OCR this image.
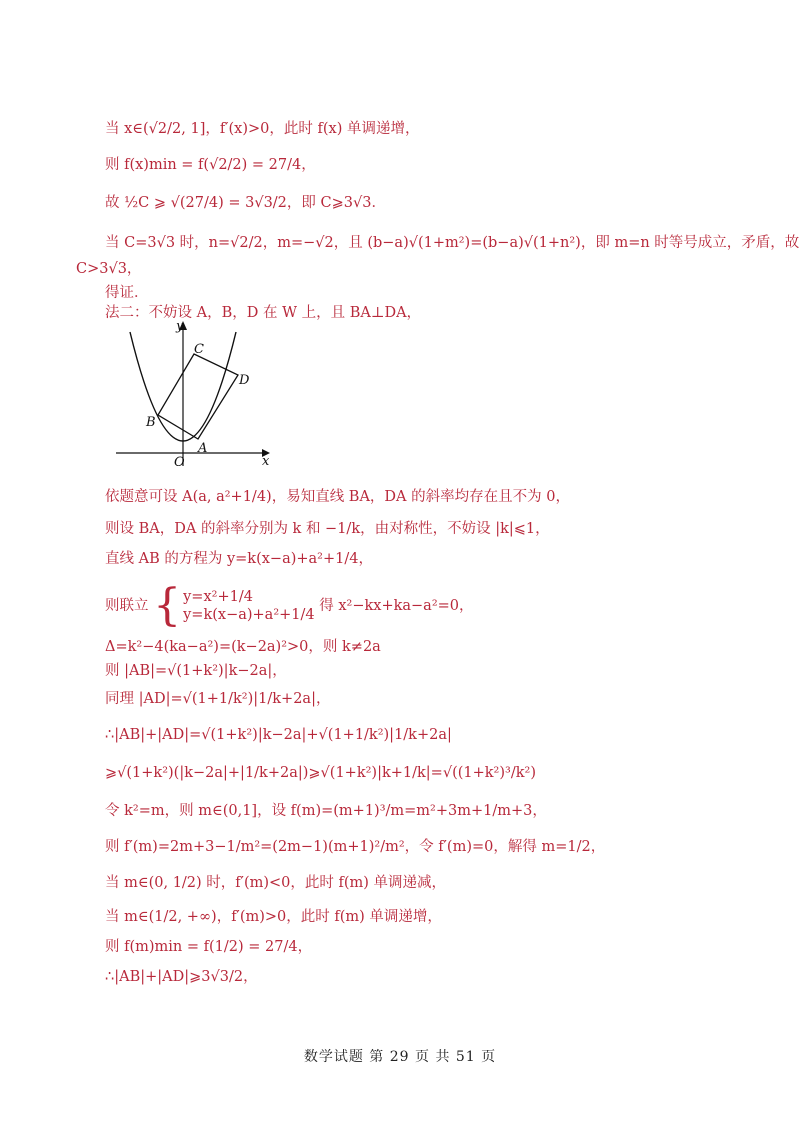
当 x∈(√2/2, 1]，f′(x)>0，此时 f(x) 单调递增，
则 f(x)min = f(√2/2) = 27/4，
故 ½C ⩾ √(27/4) = 3√3/2，即 C⩾3√3．
当 C=3√3 时，n=√2/2，m=−√2，且 (b−a)√(1+m²)=(b−a)√(1+n²)，即 m=n 时等号成立，矛盾，故
C>3√3，
得证．
法二：不妨设 A，B，D 在 W 上，且 BA⊥DA，
y
x
O
A
B
C
D
依题意可设 A(a, a²+1/4)，易知直线 BA，DA 的斜率均存在且不为 0，
则设 BA，DA 的斜率分别为 k 和 −1/k，由对称性，不妨设 |k|⩽1，
直线 AB 的方程为 y=k(x−a)+a²+1/4，
则联立 { y=x²+1/4
y=k(x−a)+a²+1/4
得 x²−kx+ka−a²=0，
Δ=k²−4(ka−a²)=(k−2a)²>0，则 k≠2a
则 |AB|=√(1+k²)|k−2a|，
同理 |AD|=√(1+1/k²)|1/k+2a|，
∴|AB|+|AD|=√(1+k²)|k−2a|+√(1+1/k²)|1/k+2a|
⩾√(1+k²)(|k−2a|+|1/k+2a|)⩾√(1+k²)|k+1/k|=√((1+k²)³/k²)
令 k²=m，则 m∈(0,1]，设 f(m)=(m+1)³/m=m²+3m+1/m+3，
则 f′(m)=2m+3−1/m²=(2m−1)(m+1)²/m²，令 f′(m)=0，解得 m=1/2，
当 m∈(0, 1/2) 时，f′(m)<0，此时 f(m) 单调递减，
当 m∈(1/2, +∞)，f′(m)>0，此时 f(m) 单调递增，
则 f(m)min = f(1/2) = 27/4，
∴|AB|+|AD|⩾3√3/2，
数学试题 第 29 页 共 51 页
